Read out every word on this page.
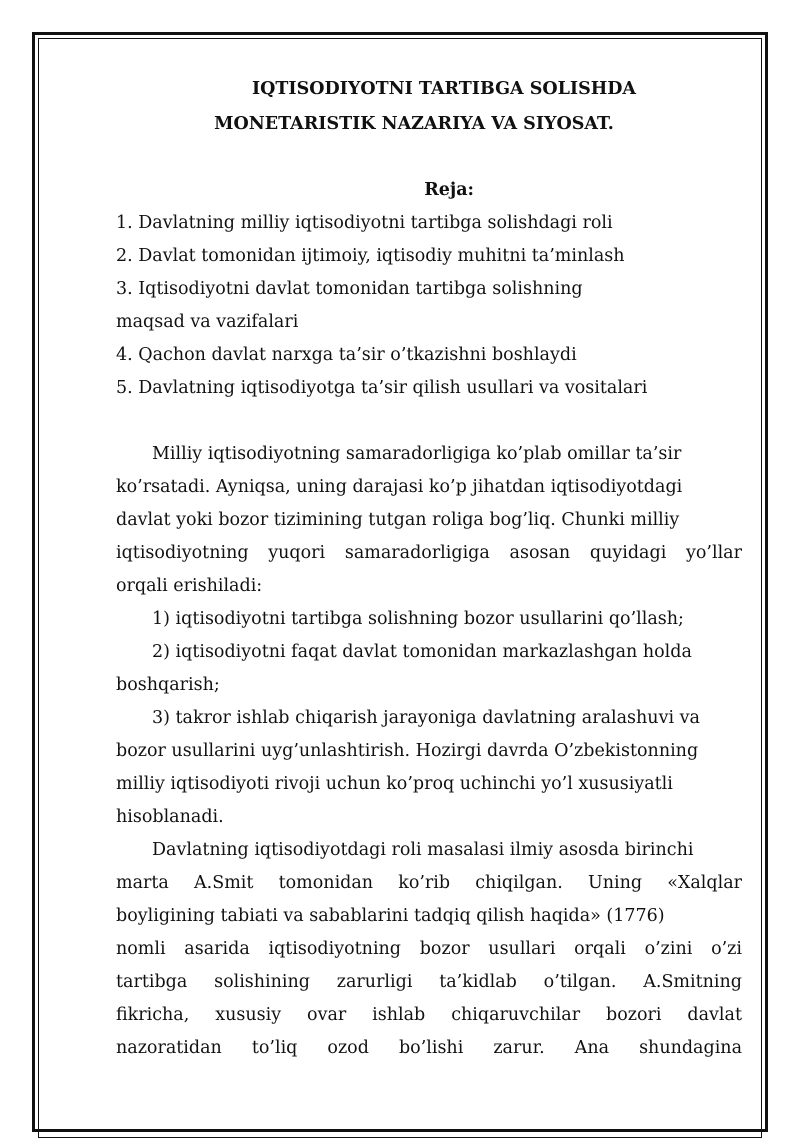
IQTISODIYOTNI TARTIBGA SOLISHDA
MONETARISTIK NAZARIYA VA SIYOSAT.
Reja:
1. Davlatning milliy iqtisodiyotni tartibga solishdagi roli
2. Davlat tomonidan ijtimoiy, iqtisodiy muhitni ta’minlash
3. Iqtisodiyotni davlat tomonidan tartibga solishning
maqsad va vazifalari
4. Qachon davlat narxga ta’sir o’tkazishni boshlaydi
5. Davlatning iqtisodiyotga ta’sir qilish usullari va vositalari
Milliy iqtisodiyotning samaradorligiga ko’plab omillar ta’sir
ko’rsatadi. Ayniqsa, uning darajasi ko’p jihatdan iqtisodiyotdagi
davlat yoki bozor tizimining tutgan roliga bog’liq. Chunki milliy
iqtisodiyotning yuqori samaradorligiga asosan quyidagi yo’llar
orqali erishiladi:
1) iqtisodiyotni tartibga solishning bozor usullarini qo’llash;
2) iqtisodiyotni faqat davlat tomonidan markazlashgan holda
boshqarish;
3) takror ishlab chiqarish jarayoniga davlatning aralashuvi va
bozor usullarini uyg’unlashtirish. Hozirgi davrda O’zbekistonning
milliy iqtisodiyoti rivoji uchun ko’proq uchinchi yo’l xususiyatli
hisoblanadi.
Davlatning iqtisodiyotdagi roli masalasi ilmiy asosda birinchi
marta A.Smit tomonidan ko’rib chiqilgan. Uning «Xalqlar
boyligining tabiati va sabablarini tadqiq qilish haqida» (1776)
nomli asarida iqtisodiyotning bozor usullari orqali o’zini o’zi
tartibga solishining zarurligi ta’kidlab o’tilgan. A.Smitning
fikricha, xususiy ovar ishlab chiqaruvchilar bozori davlat
nazoratidan to’liq ozod bo’lishi zarur. Ana shundagina
